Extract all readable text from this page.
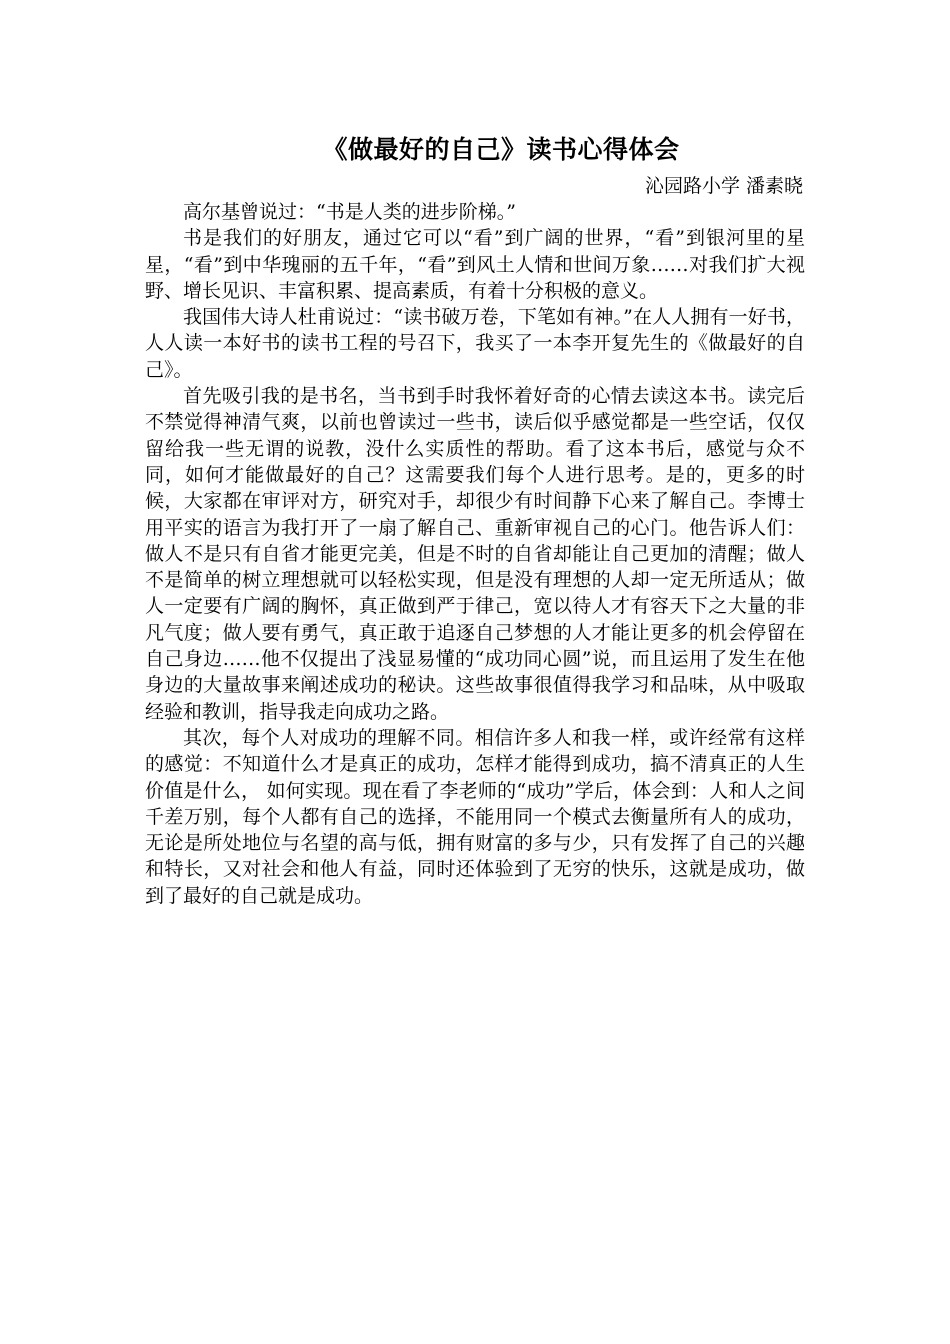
《做最好的自己》读书心得体会
沁园路小学 潘素晓

高尔基曾说过：“书是人类的进步阶梯。”

书是我们的好朋友，通过它可以“看”到广阔的世界，“看”到银河里的星星，“看”到中华瑰丽的五千年，“看”到风土人情和世间万象……对我们扩大视野、增长见识、丰富积累、提高素质，有着十分积极的意义。

我国伟大诗人杜甫说过：“读书破万卷，下笔如有神。”在人人拥有一好书，人人读一本好书的读书工程的号召下，我买了一本李开复先生的《做最好的自己》。

首先吸引我的是书名，当书到手时我怀着好奇的心情去读这本书。读完后不禁觉得神清气爽，以前也曾读过一些书，读后似乎感觉都是一些空话，仅仅留给我一些无谓的说教，没什么实质性的帮助。看了这本书后，感觉与众不同，如何才能做最好的自己？这需要我们每个人进行思考。是的，更多的时候，大家都在审评对方，研究对手，却很少有时间静下心来了解自己。李博士用平实的语言为我打开了一扇了解自己、重新审视自己的心门。他告诉人们：做人不是只有自省才能更完美，但是不时的自省却能让自己更加的清醒；做人不是简单的树立理想就可以轻松实现，但是没有理想的人却一定无所适从；做人一定要有广阔的胸怀，真正做到严于律己，宽以待人才有容天下之大量的非凡气度；做人要有勇气，真正敢于追逐自己梦想的人才能让更多的机会停留在自己身边……他不仅提出了浅显易懂的“成功同心圆”说，而且运用了发生在他身边的大量故事来阐述成功的秘诀。这些故事很值得我学习和品味，从中吸取经验和教训，指导我走向成功之路。

其次，每个人对成功的理解不同。相信许多人和我一样，或许经常有这样的感觉：不知道什么才是真正的成功，怎样才能得到成功，搞不清真正的人生价值是什么， 如何实现。现在看了李老师的“成功”学后，体会到：人和人之间千差万别，每个人都有自己的选择，不能用同一个模式去衡量所有人的成功，无论是所处地位与名望的高与低，拥有财富的多与少，只有发挥了自己的兴趣和特长，又对社会和他人有益，同时还体验到了无穷的快乐，这就是成功，做到了最好的自己就是成功。
